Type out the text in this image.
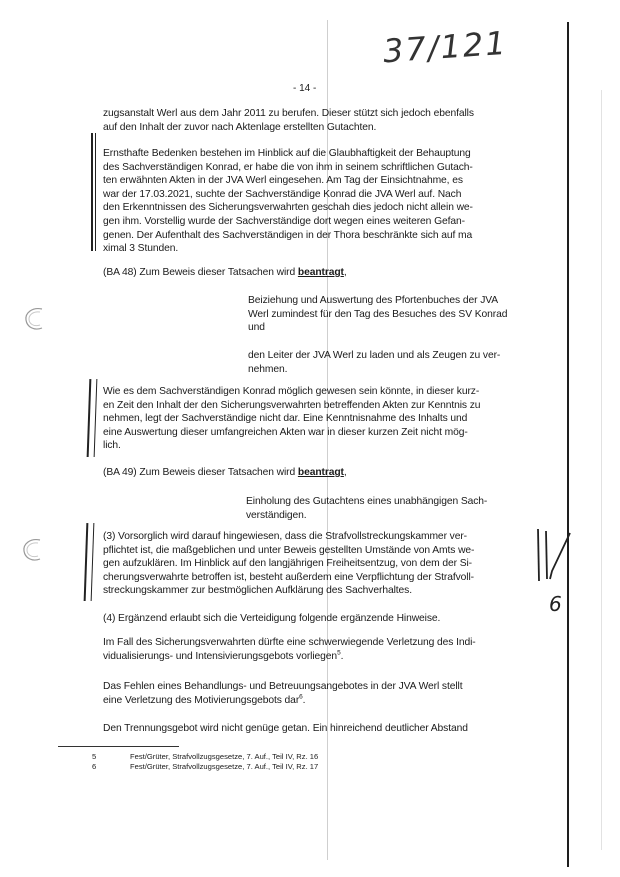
37/121
- 14 -
zugsanstalt Werl aus dem Jahr 2011 zu berufen. Dieser stützt sich jedoch ebenfalls
auf den Inhalt der zuvor nach Aktenlage erstellten Gutachten.
Ernsthafte Bedenken bestehen im Hinblick auf die Glaubhaftigkeit der Behauptung
des Sachverständigen Konrad, er habe die von ihm in seinem schriftlichen Gutach-
ten erwähnten Akten in der JVA Werl eingesehen. Am Tag der Einsichtnahme, es
war der 17.03.2021, suchte der Sachverständige Konrad die JVA Werl auf. Nach
den Erkenntnissen des Sicherungsverwahrten geschah dies jedoch nicht allein we-
gen ihm. Vorstellig wurde der Sachverständige dort wegen eines weiteren Gefan-
genen. Der Aufenthalt des Sachverständigen in der Thora beschränkte sich auf ma
ximal 3 Stunden.
(BA 48) Zum Beweis dieser Tatsachen wird beantragt,
Beiziehung und Auswertung des Pfortenbuches der JVA
Werl zumindest für den Tag des Besuches des SV Konrad
und
den Leiter der JVA Werl zu laden und als Zeugen zu ver-
nehmen.
Wie es dem Sachverständigen Konrad möglich gewesen sein könnte, in dieser kurz-
en Zeit den Inhalt der den Sicherungsverwahrten betreffenden Akten zur Kenntnis zu
nehmen, legt der Sachverständige nicht dar. Eine Kenntnisnahme des Inhalts und
eine Auswertung dieser umfangreichen Akten war in dieser kurzen Zeit nicht mög-
lich.
(BA 49) Zum Beweis dieser Tatsachen wird beantragt,
Einholung des Gutachtens eines unabhängigen Sach-
verständigen.
(3) Vorsorglich wird darauf hingewiesen, dass die Strafvollstreckungskammer ver-
pflichtet ist, die maßgeblichen und unter Beweis gestellten Umstände von Amts we-
gen aufzuklären. Im Hinblick auf den langjährigen Freiheitsentzug, von dem der Si-
cherungsverwahrte betroffen ist, besteht außerdem eine Verpflichtung der Strafvoll-
streckungskammer zur bestmöglichen Aufklärung des Sachverhaltes.
6
(4) Ergänzend erlaubt sich die Verteidigung folgende ergänzende Hinweise.
Im Fall des Sicherungsverwahrten dürfte eine schwerwiegende Verletzung des Indi-
vidualisierungs- und Intensivierungsgebots vorliegen$^5$.
Das Fehlen eines Behandlungs- und Betreuungsangebotes in der JVA Werl stellt
eine Verletzung des Motivierungsgebots dar$^6$.
Den Trennungsgebot wird nicht genüge getan. Ein hinreichend deutlicher Abstand
5	Fest/Grüter, Strafvollzugsgesetze, 7. Auf., Teil IV, Rz. 16
6	Fest/Grüter, Strafvollzugsgesetze, 7. Auf., Teil IV, Rz. 17
